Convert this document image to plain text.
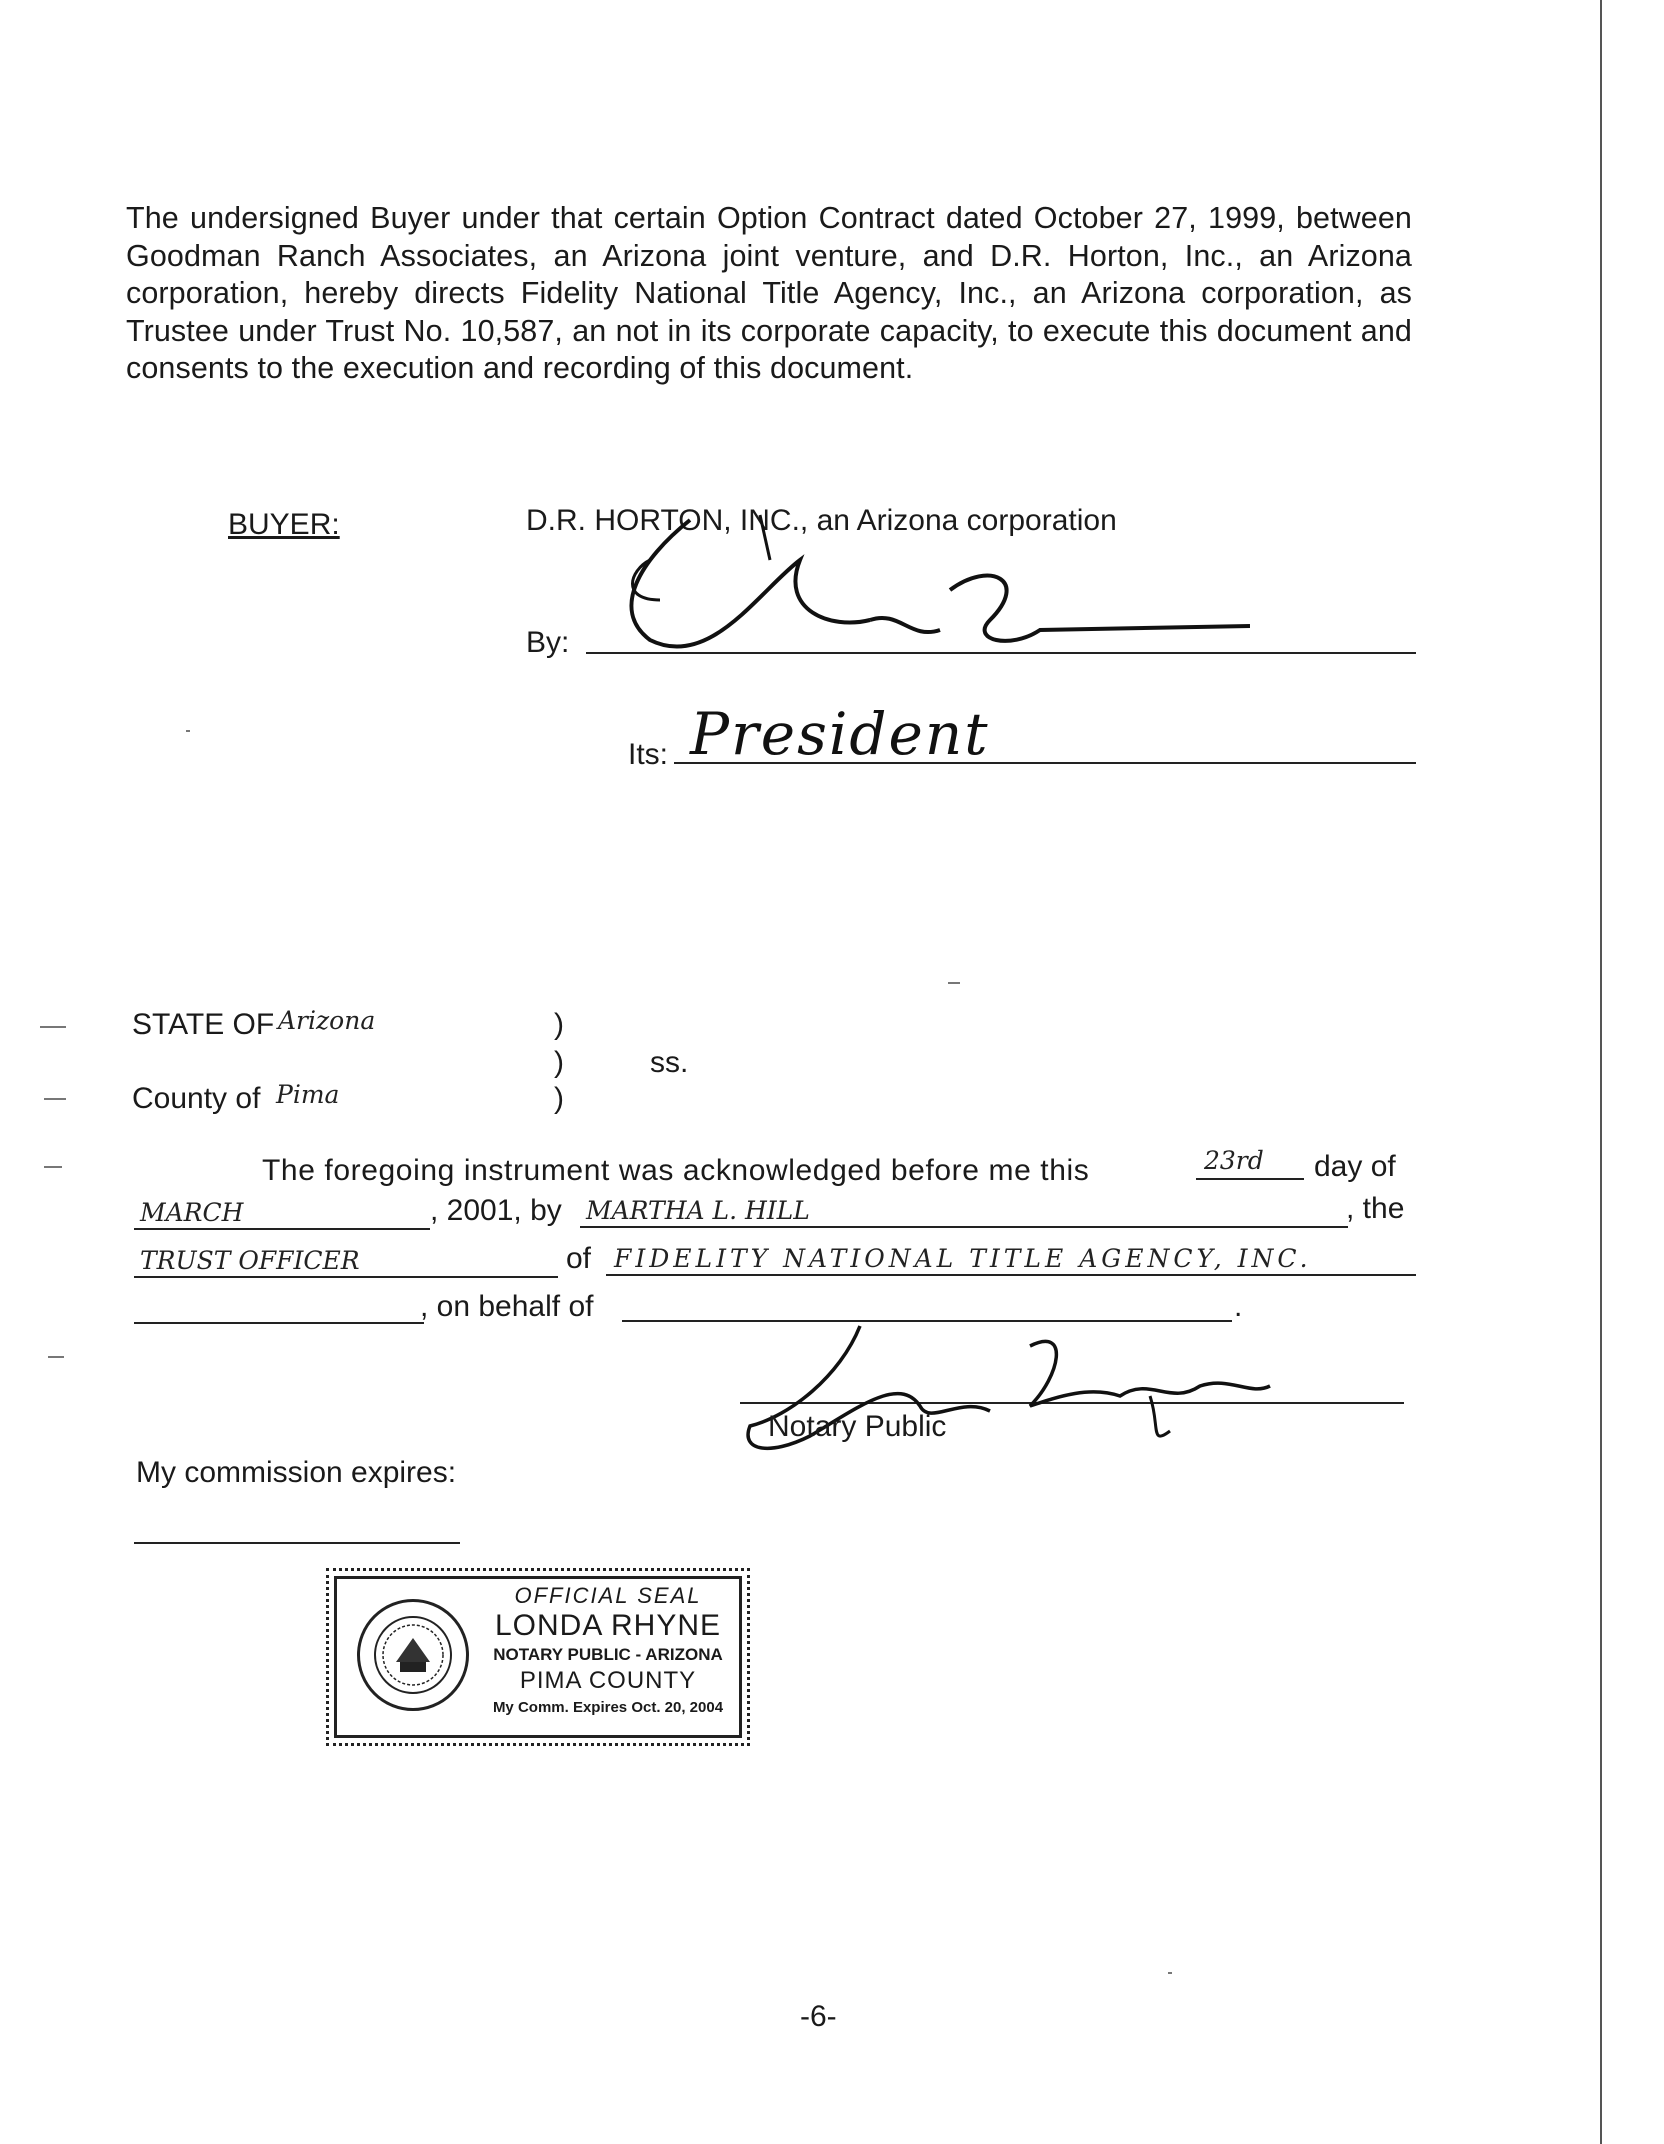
The undersigned Buyer under that certain Option Contract dated October 27, 1999, between Goodman Ranch Associates, an Arizona joint venture, and D.R. Horton, Inc., an Arizona corporation, hereby directs Fidelity National Title Agency, Inc., an Arizona corporation, as Trustee under Trust No. 10,587, an not in its corporate capacity, to execute this document and consents to the execution and recording of this document.
BUYER:	D.R. HORTON, INC., an Arizona corporation
By:
Its: President
STATE OF Arizona
County of Pima
)
)
)
ss.
The foregoing instrument was acknowledged before me this	23rd day of
MARCH	, 2001, by MARTHA L. HILL	, the
TRUST OFFICER	of FIDELITY NATIONAL TITLE AGENCY, INC.
, on behalf of	.
Notary Public
My commission expires:
OFFICIAL SEAL
LONDA RHYNE
NOTARY PUBLIC - ARIZONA
PIMA COUNTY
My Comm. Expires Oct. 20, 2004
-6-
